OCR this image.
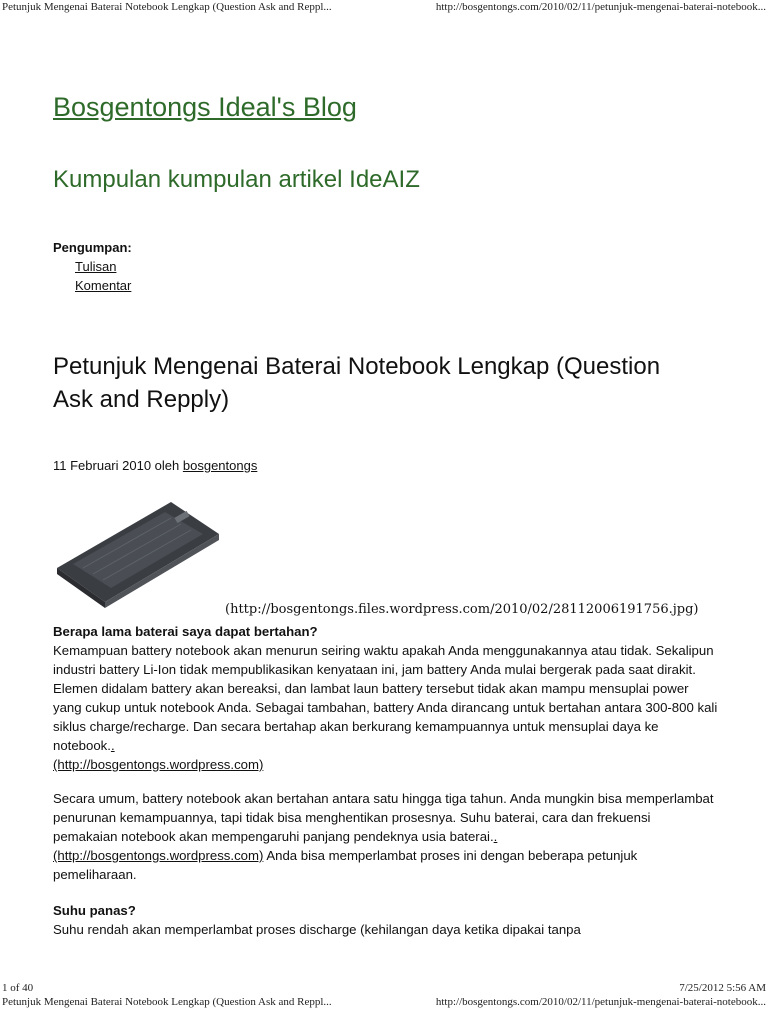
Petunjuk Mengenai Baterai Notebook Lengkap (Question Ask and Reppl...	http://bosgentongs.com/2010/02/11/petunjuk-mengenai-baterai-notebook...
Bosgentongs Ideal's Blog
Kumpulan kumpulan artikel IdeAIZ
Pengumpan:
Tulisan
Komentar
Petunjuk Mengenai Baterai Notebook Lengkap (Question Ask and Repply)
11 Februari 2010 oleh bosgentongs
(http://bosgentongs.files.wordpress.com/2010/02/28112006191756.jpg)
Berapa lama baterai saya dapat bertahan?
Kemampuan battery notebook akan menurun seiring waktu apakah Anda menggunakannya atau tidak. Sekalipun industri battery Li-Ion tidak mempublikasikan kenyataan ini, jam battery Anda mulai bergerak pada saat dirakit. Elemen didalam battery akan bereaksi, dan lambat laun battery tersebut tidak akan mampu mensuplai power yang cukup untuk notebook Anda. Sebagai tambahan, battery Anda dirancang untuk bertahan antara 300-800 kali siklus charge/recharge. Dan secara bertahap akan berkurang kemampuannya untuk mensuplai daya ke notebook..
(http://bosgentongs.wordpress.com)
Secara umum, battery notebook akan bertahan antara satu hingga tiga tahun. Anda mungkin bisa memperlambat penurunan kemampuannya, tapi tidak bisa menghentikan prosesnya. Suhu baterai, cara dan frekuensi pemakaian notebook akan mempengaruhi panjang pendeknya usia baterai..
(http://bosgentongs.wordpress.com) Anda bisa memperlambat proses ini dengan beberapa petunjuk pemeliharaan.
Suhu panas?
Suhu rendah akan memperlambat proses discharge (kehilangan daya ketika dipakai tanpa
1 of 40	7/25/2012 5:56 AM
Petunjuk Mengenai Baterai Notebook Lengkap (Question Ask and Reppl...	http://bosgentongs.com/2010/02/11/petunjuk-mengenai-baterai-notebook...
